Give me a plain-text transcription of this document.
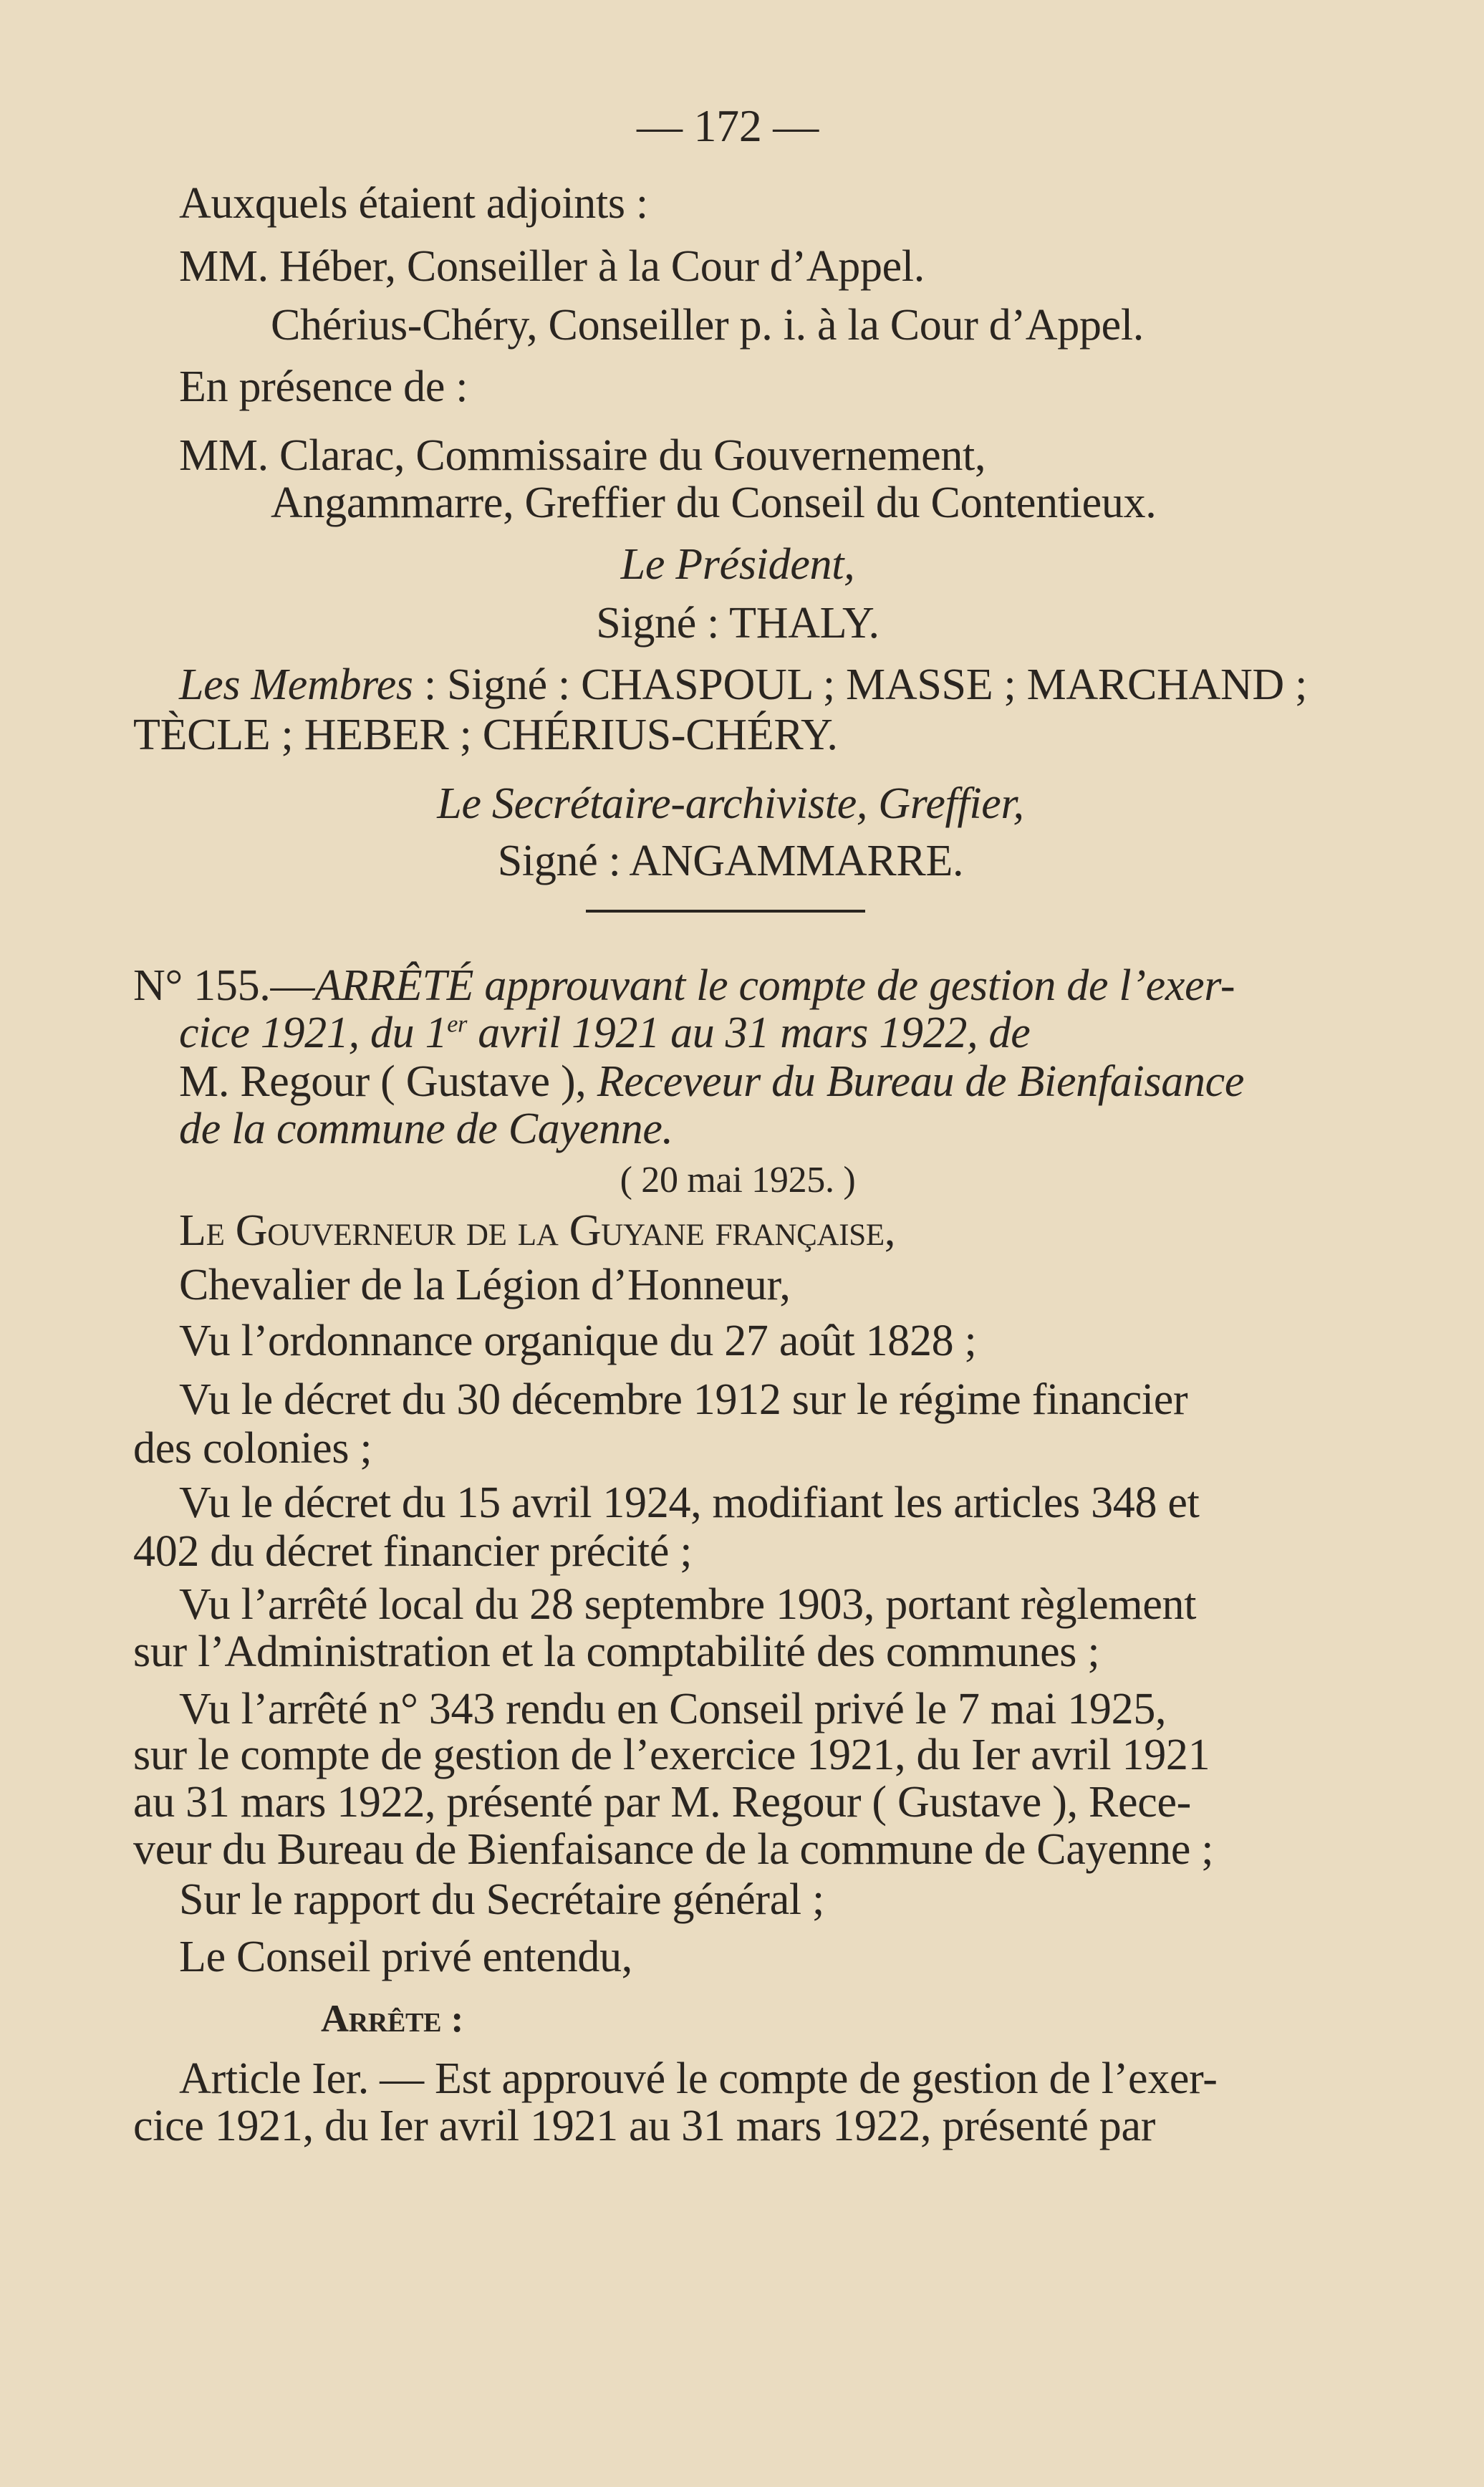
— 172 —
Auxquels étaient adjoints :
MM. Héber, Conseiller à la Cour d’Appel.
Chérius-Chéry, Conseiller p. i. à la Cour d’Appel.
En présence de :
MM. Clarac, Commissaire du Gouvernement,
Angammarre, Greffier du Conseil du Contentieux.
Le Président,
Signé : THALY.
Les Membres : Signé : CHASPOUL ; MASSE ; MARCHAND ;
TÈCLE ; HEBER ; CHÉRIUS-CHÉRY.
Le Secrétaire-archiviste, Greffier,
Signé : ANGAMMARRE.
N° 155.—ARRÊTÉ approuvant le compte de gestion de l’exer-
cice 1921, du 1er avril 1921 au 31 mars 1922, de
M. Regour ( Gustave ), Receveur du Bureau de Bienfaisance
de la commune de Cayenne.
( 20 mai 1925. )
Le Gouverneur de la Guyane française,
Chevalier de la Légion d’Honneur,
Vu l’ordonnance organique du 27 août 1828 ;
Vu le décret du 30 décembre 1912 sur le régime financier
des colonies ;
Vu le décret du 15 avril 1924, modifiant les articles 348 et
402 du décret financier précité ;
Vu l’arrêté local du 28 septembre 1903, portant règlement
sur l’Administration et la comptabilité des communes ;
Vu l’arrêté n° 343 rendu en Conseil privé le 7 mai 1925,
sur le compte de gestion de l’exercice 1921, du Ier avril 1921
au 31 mars 1922, présenté par M. Regour ( Gustave ), Rece-
veur du Bureau de Bienfaisance de la commune de Cayenne ;
Sur le rapport du Secrétaire général ;
Le Conseil privé entendu,
Arrête :
Article Ier. — Est approuvé le compte de gestion de l’exer-
cice 1921, du Ier avril 1921 au 31 mars 1922, présenté par
